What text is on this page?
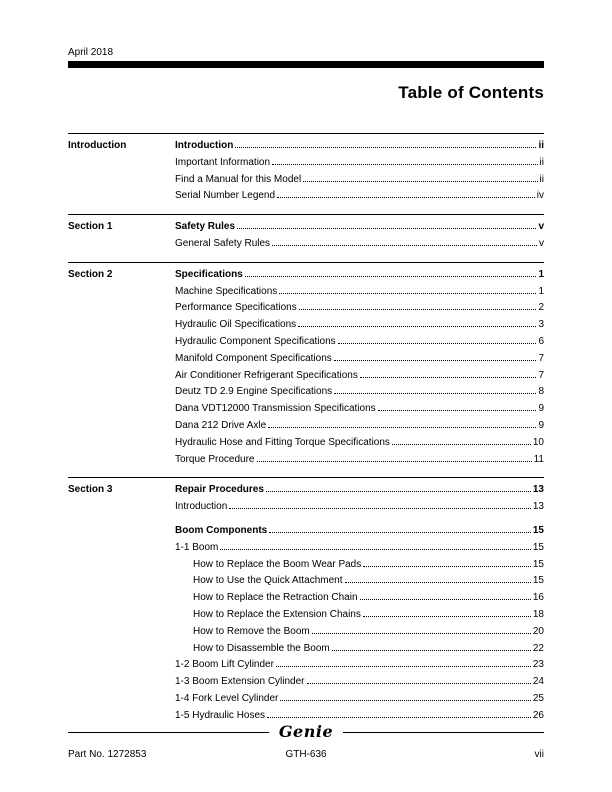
April 2018
Table of Contents
Introduction	Introduction	ii
Important Information	ii
Find a Manual for this Model	ii
Serial Number Legend	iv
Section 1	Safety Rules	v
General Safety Rules	v
Section 2	Specifications	1
Machine Specifications	1
Performance Specifications	2
Hydraulic Oil Specifications	3
Hydraulic Component Specifications	6
Manifold Component Specifications	7
Air Conditioner Refrigerant Specifications	7
Deutz TD 2.9 Engine Specifications	8
Dana VDT12000 Transmission Specifications	9
Dana 212 Drive Axle	9
Hydraulic Hose and Fitting Torque Specifications	10
Torque Procedure	11
Section 3	Repair Procedures	13
Introduction	13
Boom Components	15
1-1 Boom	15
How to Replace the Boom Wear Pads	15
How to Use the Quick Attachment	15
How to Replace the Retraction Chain	16
How to Replace the Extension Chains	18
How to Remove the Boom	20
How to Disassemble the Boom	22
1-2 Boom Lift Cylinder	23
1-3 Boom Extension Cylinder	24
1-4 Fork Level Cylinder	25
1-5 Hydraulic Hoses	26
Genie
Part No. 1272853	GTH-636	vii
